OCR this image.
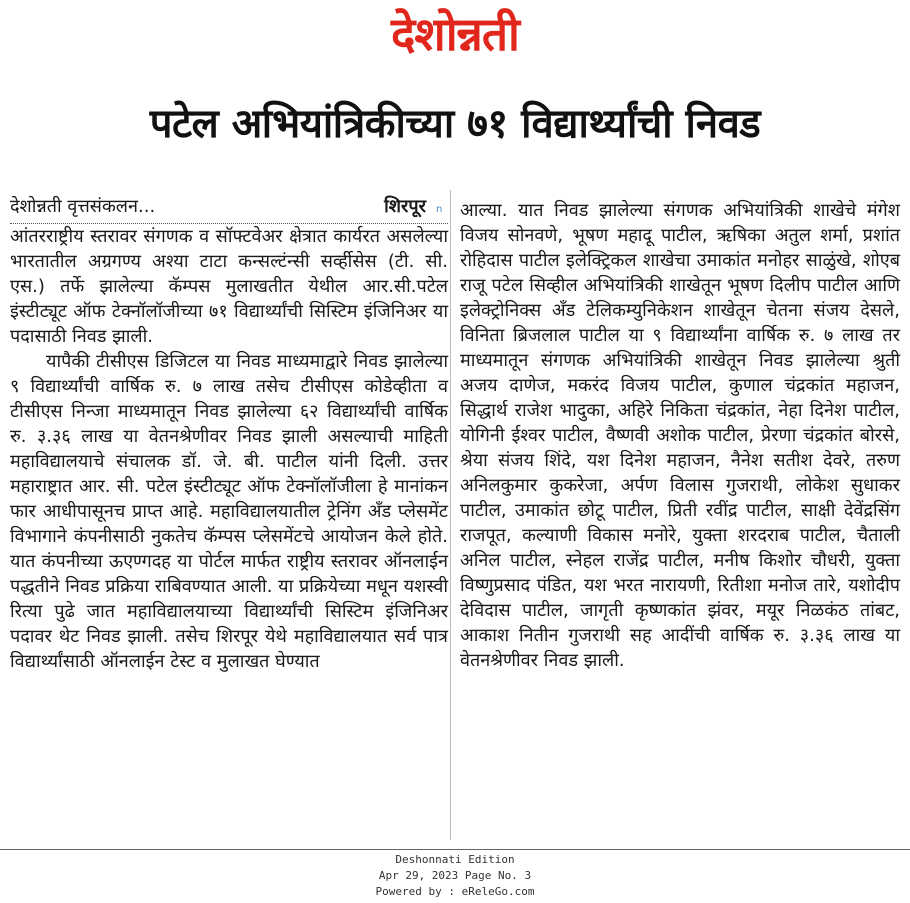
देशोन्नती
पटेल अभियांत्रिकीच्या ७१ विद्यार्थ्यांची निवड
देशोन्नती वृत्तसंकलन...	शिरपूर n

आंतरराष्ट्रीय स्तरावर संगणक व सॉफ्टवेअर क्षेत्रात कार्यरत असलेल्या भारतातील अग्रगण्य अश्या टाटा कन्सल्टंन्सी सर्व्हीसेस (टी. सी. एस.) तर्फे झालेल्या कॅम्पस मुलाखतीत येथील आर.सी.पटेल इंस्टीट्यूट ऑफ टेक्नॉलॉजीच्या ७१ विद्यार्थ्यांची सिस्टिम इंजिनिअर या पदासाठी निवड झाली.

यापैकी टीसीएस डिजिटल या निवड माध्यमाद्वारे निवड झालेल्या ९ विद्यार्थ्यांची वार्षिक रु. ७ लाख तसेच टीसीएस कोडेव्हीता व टीसीएस निन्जा माध्यमातून निवड झालेल्या ६२ विद्यार्थ्यांची वार्षिक रु. ३.३६ लाख या वेतनश्रेणीवर निवड झाली असल्याची माहिती महाविद्यालयाचे संचालक डॉ. जे. बी. पाटील यांनी दिली. उत्तर महाराष्ट्रात आर. सी. पटेल इंस्टीट्यूट ऑफ टेक्नॉलॉजीला हे मानांकन फार आधीपासूनच प्राप्त आहे. महाविद्यालयातील ट्रेनिंग अँड प्लेसमेंट विभागाने कंपनीसाठी नुकतेच कॅम्पस प्लेसमेंटचे आयोजन केले होते. यात कंपनीच्या ऊएण्गदह या पोर्टल मार्फत राष्ट्रीय स्तरावर ऑनलाईन पद्धतीने निवड प्रक्रिया राबिवण्यात आली. या प्रक्रियेच्या मधून यशस्वी रित्या पुढे जात महाविद्यालयाच्या विद्यार्थ्यांची सिस्टिम इंजिनिअर पदावर थेट निवड झाली. तसेच शिरपूर येथे महाविद्यालयात सर्व पात्र विद्यार्थ्यांसाठी ऑनलाईन टेस्ट व मुलाखत घेण्यात

आल्या. यात निवड झालेल्या संगणक अभियांत्रिकी शाखेचे मंगेश विजय सोनवणे, भूषण महादू पाटील, ऋषिका अतुल शर्मा, प्रशांत रोहिदास पाटील इलेक्ट्रिकल शाखेचा उमाकांत मनोहर साळुंखे, शोएब राजू पटेल सिव्हील अभियांत्रिकी शाखेतून भूषण दिलीप पाटील आणि इलेक्ट्रोनिक्स अँड टेलिकम्युनिकेशन शाखेतून चेतना संजय देसले, विनिता ब्रिजलाल पाटील या ९ विद्यार्थ्यांना वार्षिक रु. ७ लाख तर माध्यमातून संगणक अभियांत्रिकी शाखेतून निवड झालेल्या श्रुती अजय दाणेज, मकरंद विजय पाटील, कुणाल चंद्रकांत महाजन, सिद्धार्थ राजेश भादुका, अहिरे निकिता चंद्रकांत, नेहा दिनेश पाटील, योगिनी ईश्वर पाटील, वैष्णवी अशोक पाटील, प्रेरणा चंद्रकांत बोरसे, श्रेया संजय शिंदे, यश दिनेश महाजन, नैनेश सतीश देवरे, तरुण अनिलकुमार कुकरेजा, अर्पण विलास गुजराथी, लोकेश सुधाकर पाटील, उमाकांत छोटू पाटील, प्रिती रवींद्र पाटील, साक्षी देवेंद्रसिंग राजपूत, कल्याणी विकास मनोरे, युक्ता शरदराब पाटील, चैताली अनिल पाटील, स्नेहल राजेंद्र पाटील, मनीष किशोर चौधरी, युक्ता विष्णुप्रसाद पंडित, यश भरत नारायणी, रितीशा मनोज तारे, यशोदीप देविदास पाटील, जागृती कृष्णकांत झंवर, मयूर निळकंठ तांबट, आकाश नितीन गुजराथी सह आदींची वार्षिक रु. ३.३६ लाख या वेतनश्रेणीवर निवड झाली.

Deshonnati Edition
Apr 29, 2023 Page No. 3
Powered by : eReleGo.com
